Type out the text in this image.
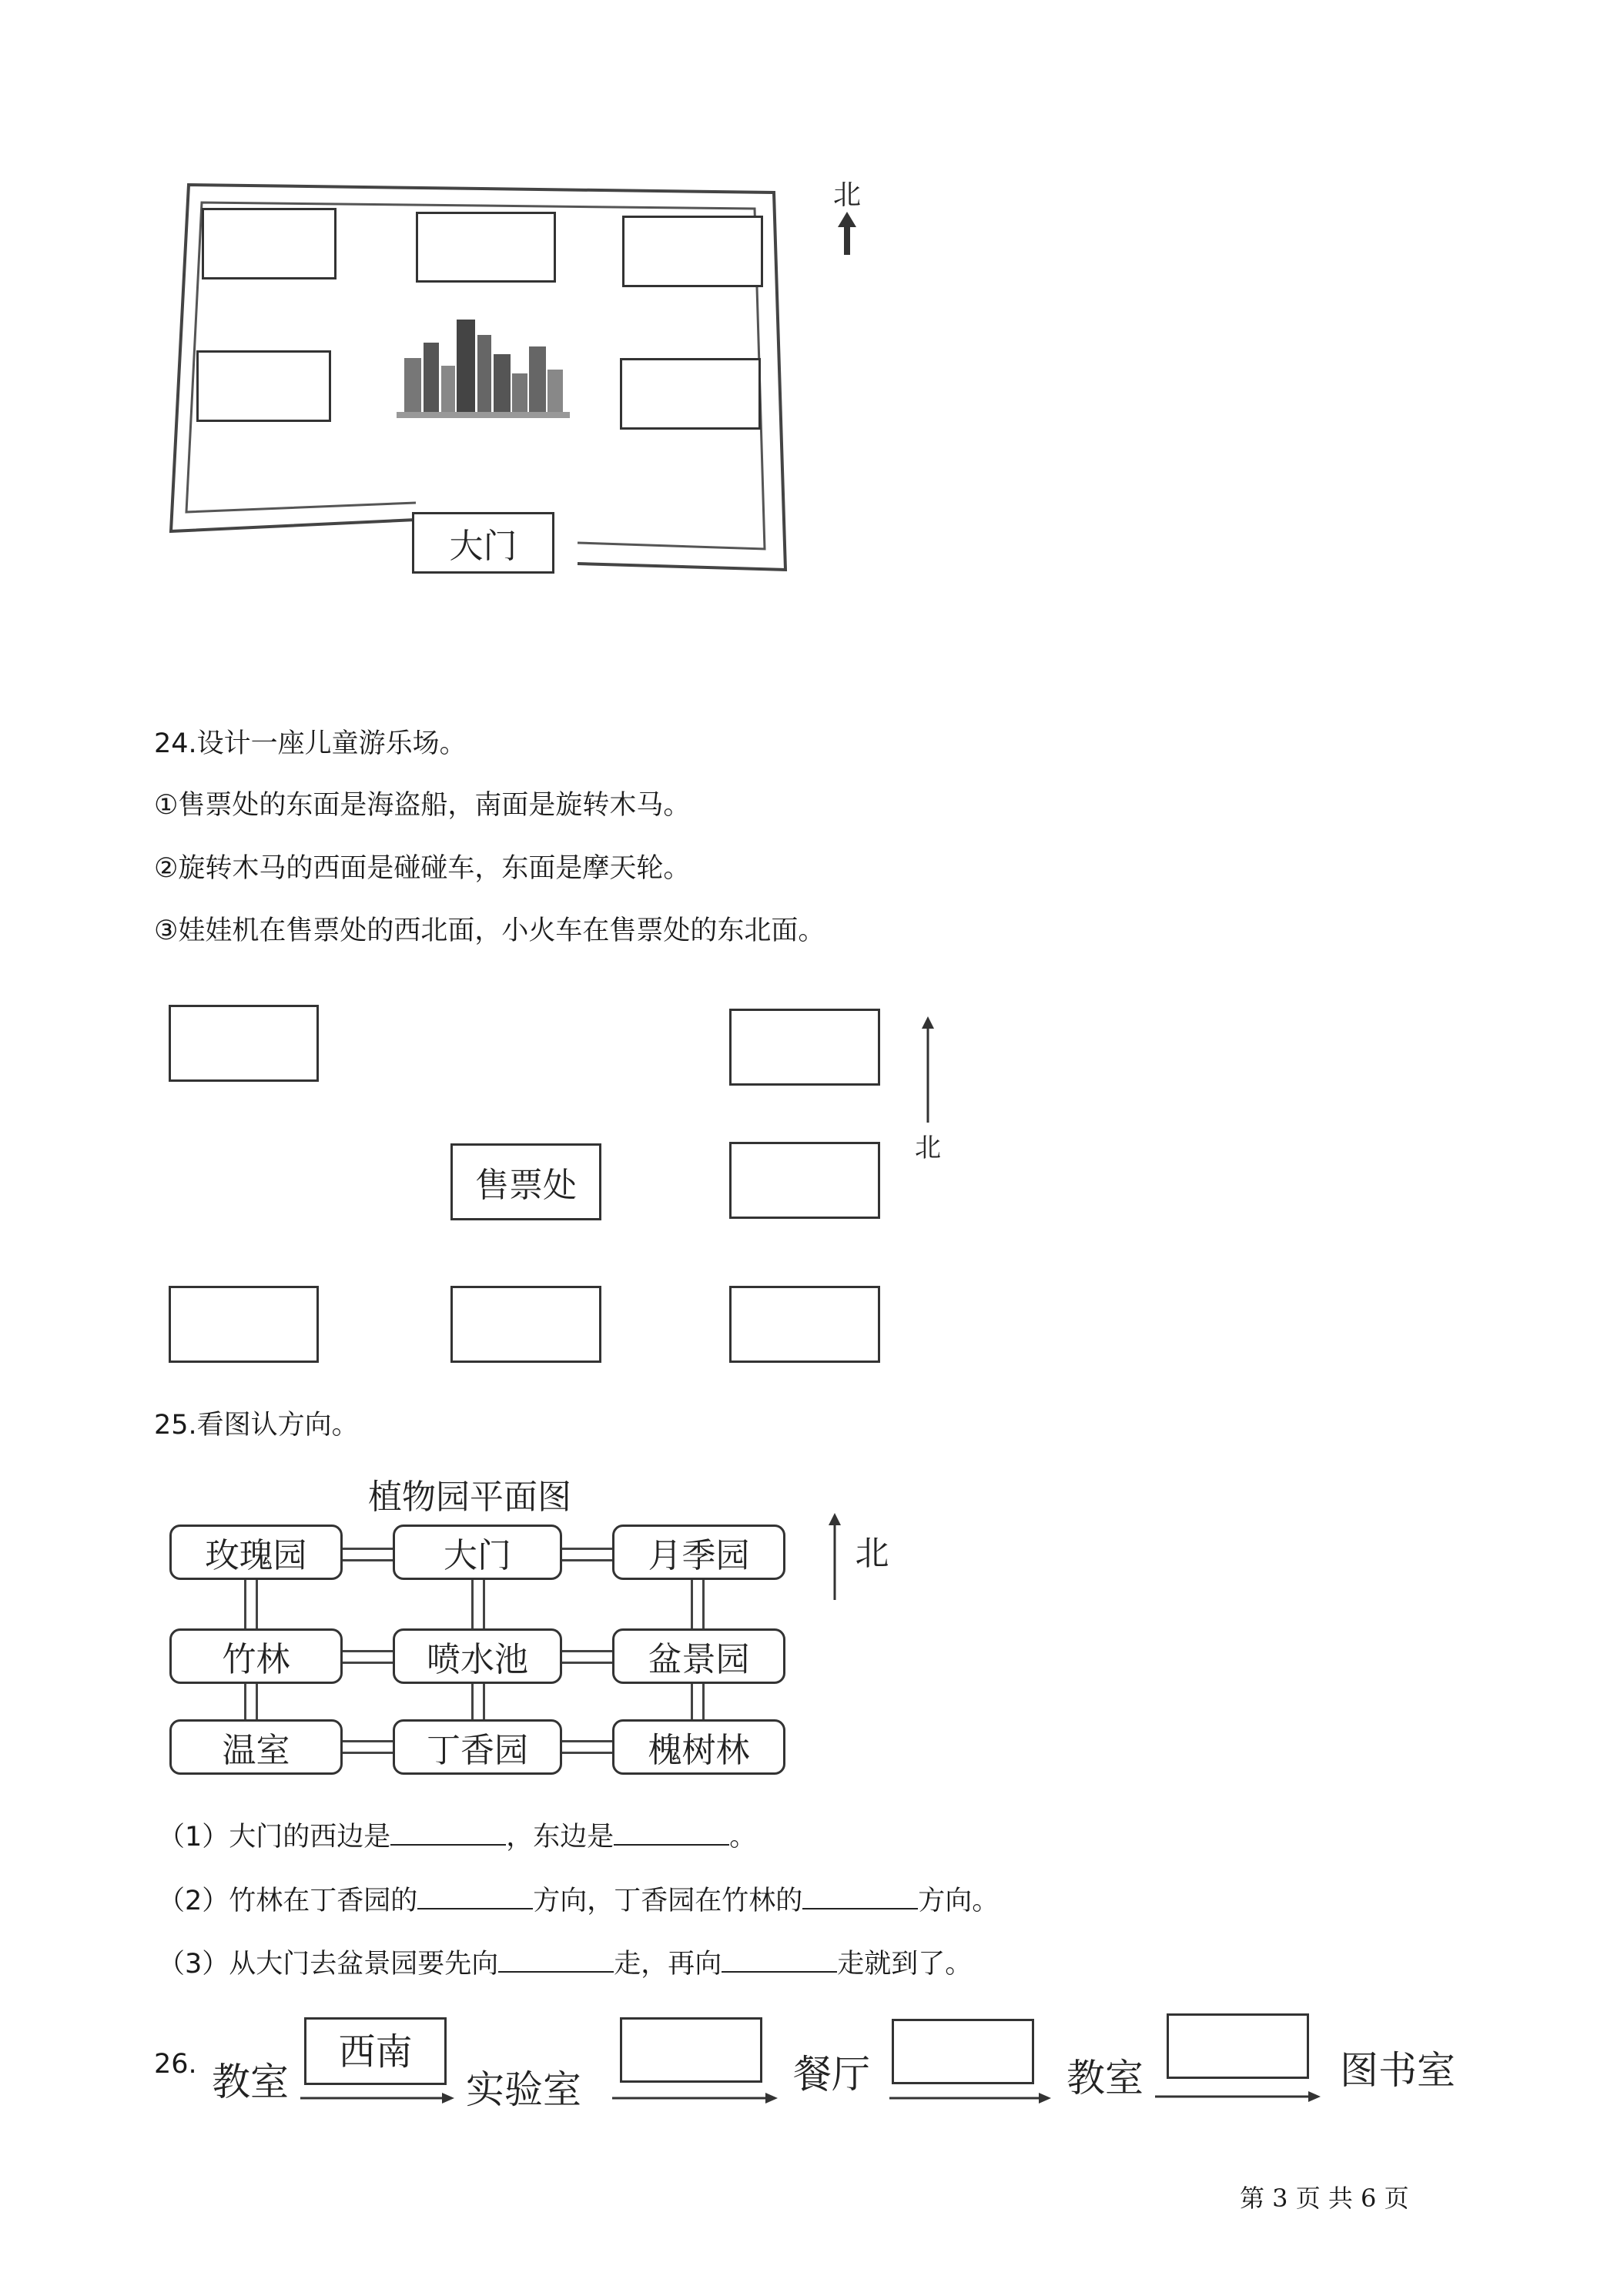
大门
北
24.设计一座儿童游乐场。
①售票处的东面是海盗船，南面是旋转木马。
②旋转木马的西面是碰碰车，东面是摩天轮。
③娃娃机在售票处的西北面，小火车在售票处的东北面。
售票处
北
25.看图认方向。
植物园平面图
玫瑰园	大门	月季园
竹林	喷水池	盆景园
温室	丁香园	槐树林
北
（1）大门的西边是	，东边是	。
（2）竹林在丁香园的	方向，丁香园在竹林的	方向。
（3）从大门去盆景园要先向	走，再向	走就到了。
26. 教室
西南
实验室	餐厅	教室	图书室
第 3 页 共 6 页
